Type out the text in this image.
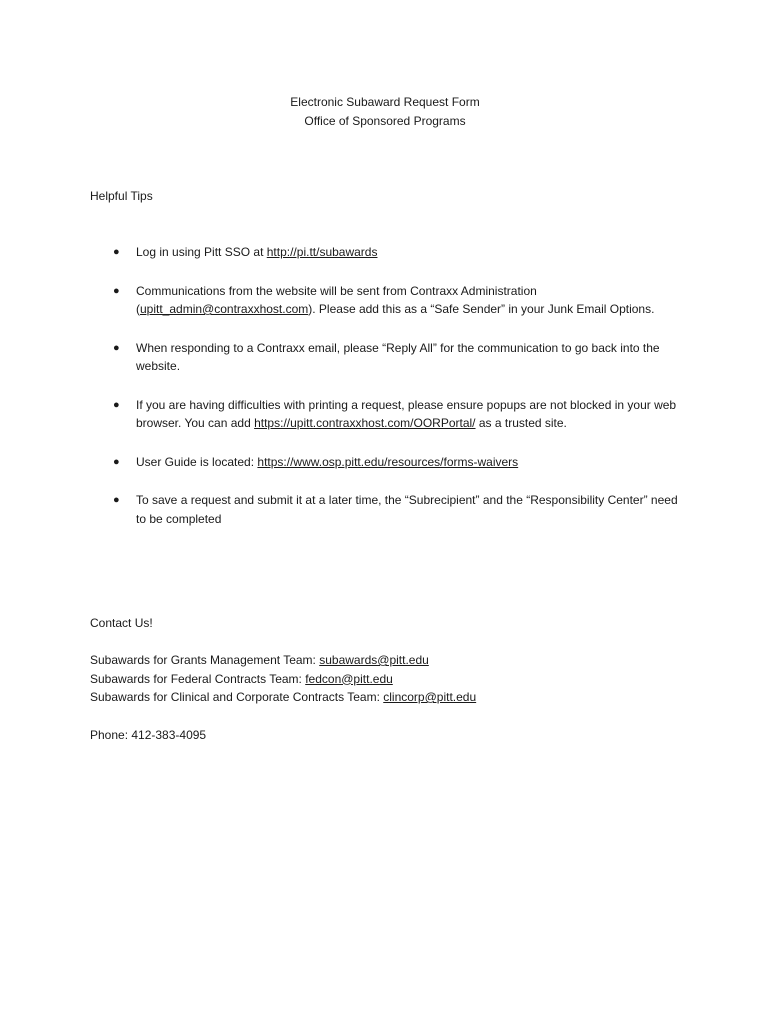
Electronic Subaward Request Form
Office of Sponsored Programs
Helpful Tips
● Log in using Pitt SSO at http://pi.tt/subawards
● Communications from the website will be sent from Contraxx Administration (upitt_admin@contraxxhost.com). Please add this as a “Safe Sender” in your Junk Email Options.
● When responding to a Contraxx email, please “Reply All” for the communication to go back into the website.
● If you are having difficulties with printing a request, please ensure popups are not blocked in your web browser. You can add https://upitt.contraxxhost.com/OORPortal/ as a trusted site.
● User Guide is located: https://www.osp.pitt.edu/resources/forms-waivers
● To save a request and submit it at a later time, the “Subrecipient” and the “Responsibility Center” need to be completed
Contact Us!
Subawards for Grants Management Team: subawards@pitt.edu
Subawards for Federal Contracts Team: fedcon@pitt.edu
Subawards for Clinical and Corporate Contracts Team: clincorp@pitt.edu
Phone: 412-383-4095
